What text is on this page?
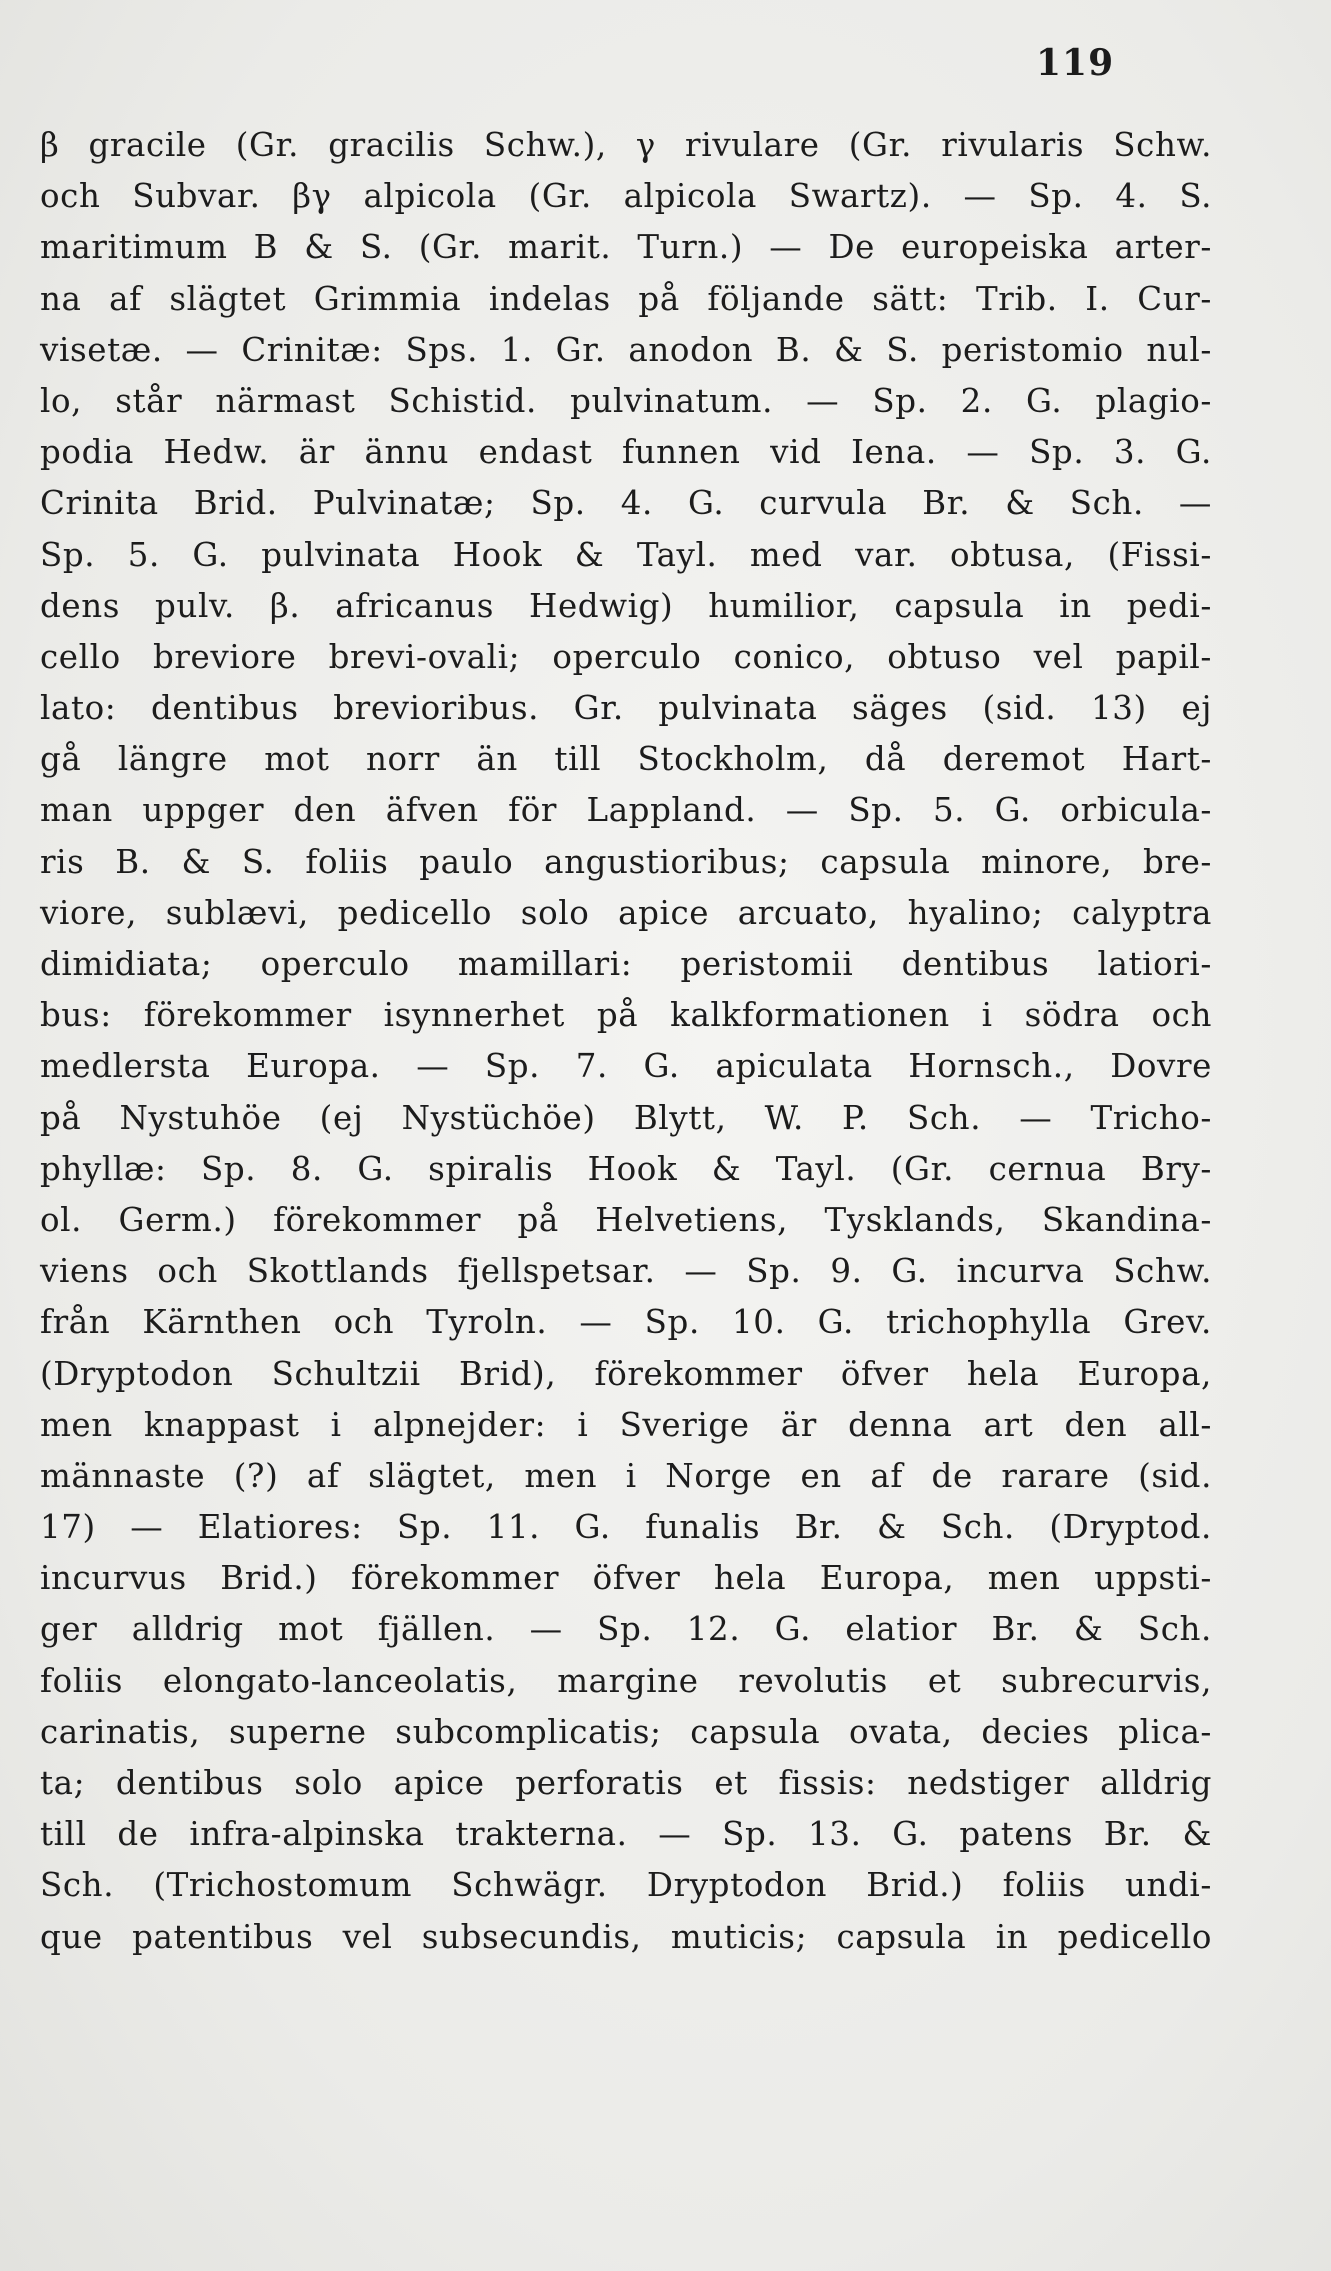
119
β gracile (Gr. gracilis Schw.), γ rivulare (Gr. rivularis Schw.
och Subvar. βγ alpicola (Gr. alpicola Swartz). — Sp. 4. S.
maritimum B & S. (Gr. marit. Turn.) — De europeiska arter-
na af slägtet Grimmia indelas på följande sätt: Trib. I. Cur-
visetæ. — Crinitæ: Sps. 1. Gr. anodon B. & S. peristomio nul-
lo, står närmast Schistid. pulvinatum. — Sp. 2. G. plagio-
podia Hedw. är ännu endast funnen vid Iena. — Sp. 3. G.
Crinita Brid. Pulvinatæ; Sp. 4. G. curvula Br. & Sch. —
Sp. 5. G. pulvinata Hook & Tayl. med var. obtusa, (Fissi-
dens pulv. β. africanus Hedwig) humilior, capsula in pedi-
cello breviore brevi-ovali; operculo conico, obtuso vel papil-
lato: dentibus brevioribus. Gr. pulvinata säges (sid. 13) ej
gå längre mot norr än till Stockholm, då deremot Hart-
man uppger den äfven för Lappland. — Sp. 5. G. orbicula-
ris B. & S. foliis paulo angustioribus; capsula minore, bre-
viore, sublævi, pedicello solo apice arcuato, hyalino; calyptra
dimidiata; operculo mamillari: peristomii dentibus latiori-
bus: förekommer isynnerhet på kalkformationen i södra och
medlersta Europa. — Sp. 7. G. apiculata Hornsch., Dovre
på Nystuhöe (ej Nystüchöe) Blytt, W. P. Sch. — Tricho-
phyllæ: Sp. 8. G. spiralis Hook & Tayl. (Gr. cernua Bry-
ol. Germ.) förekommer på Helvetiens, Tysklands, Skandina-
viens och Skottlands fjellspetsar. — Sp. 9. G. incurva Schw.
från Kärnthen och Tyroln. — Sp. 10. G. trichophylla Grev.
(Dryptodon Schultzii Brid), förekommer öfver hela Europa,
men knappast i alpnejder: i Sverige är denna art den all-
männaste (?) af slägtet, men i Norge en af de rarare (sid.
17) — Elatiores: Sp. 11. G. funalis Br. & Sch. (Dryptod.
incurvus Brid.) förekommer öfver hela Europa, men uppsti-
ger alldrig mot fjällen. — Sp. 12. G. elatior Br. & Sch.
foliis elongato-lanceolatis, margine revolutis et subrecurvis,
carinatis, superne subcomplicatis; capsula ovata, decies plica-
ta; dentibus solo apice perforatis et fissis: nedstiger alldrig
till de infra-alpinska trakterna. — Sp. 13. G. patens Br. &
Sch. (Trichostomum Schwägr. Dryptodon Brid.) foliis undi-
que patentibus vel subsecundis, muticis; capsula in pedicello
